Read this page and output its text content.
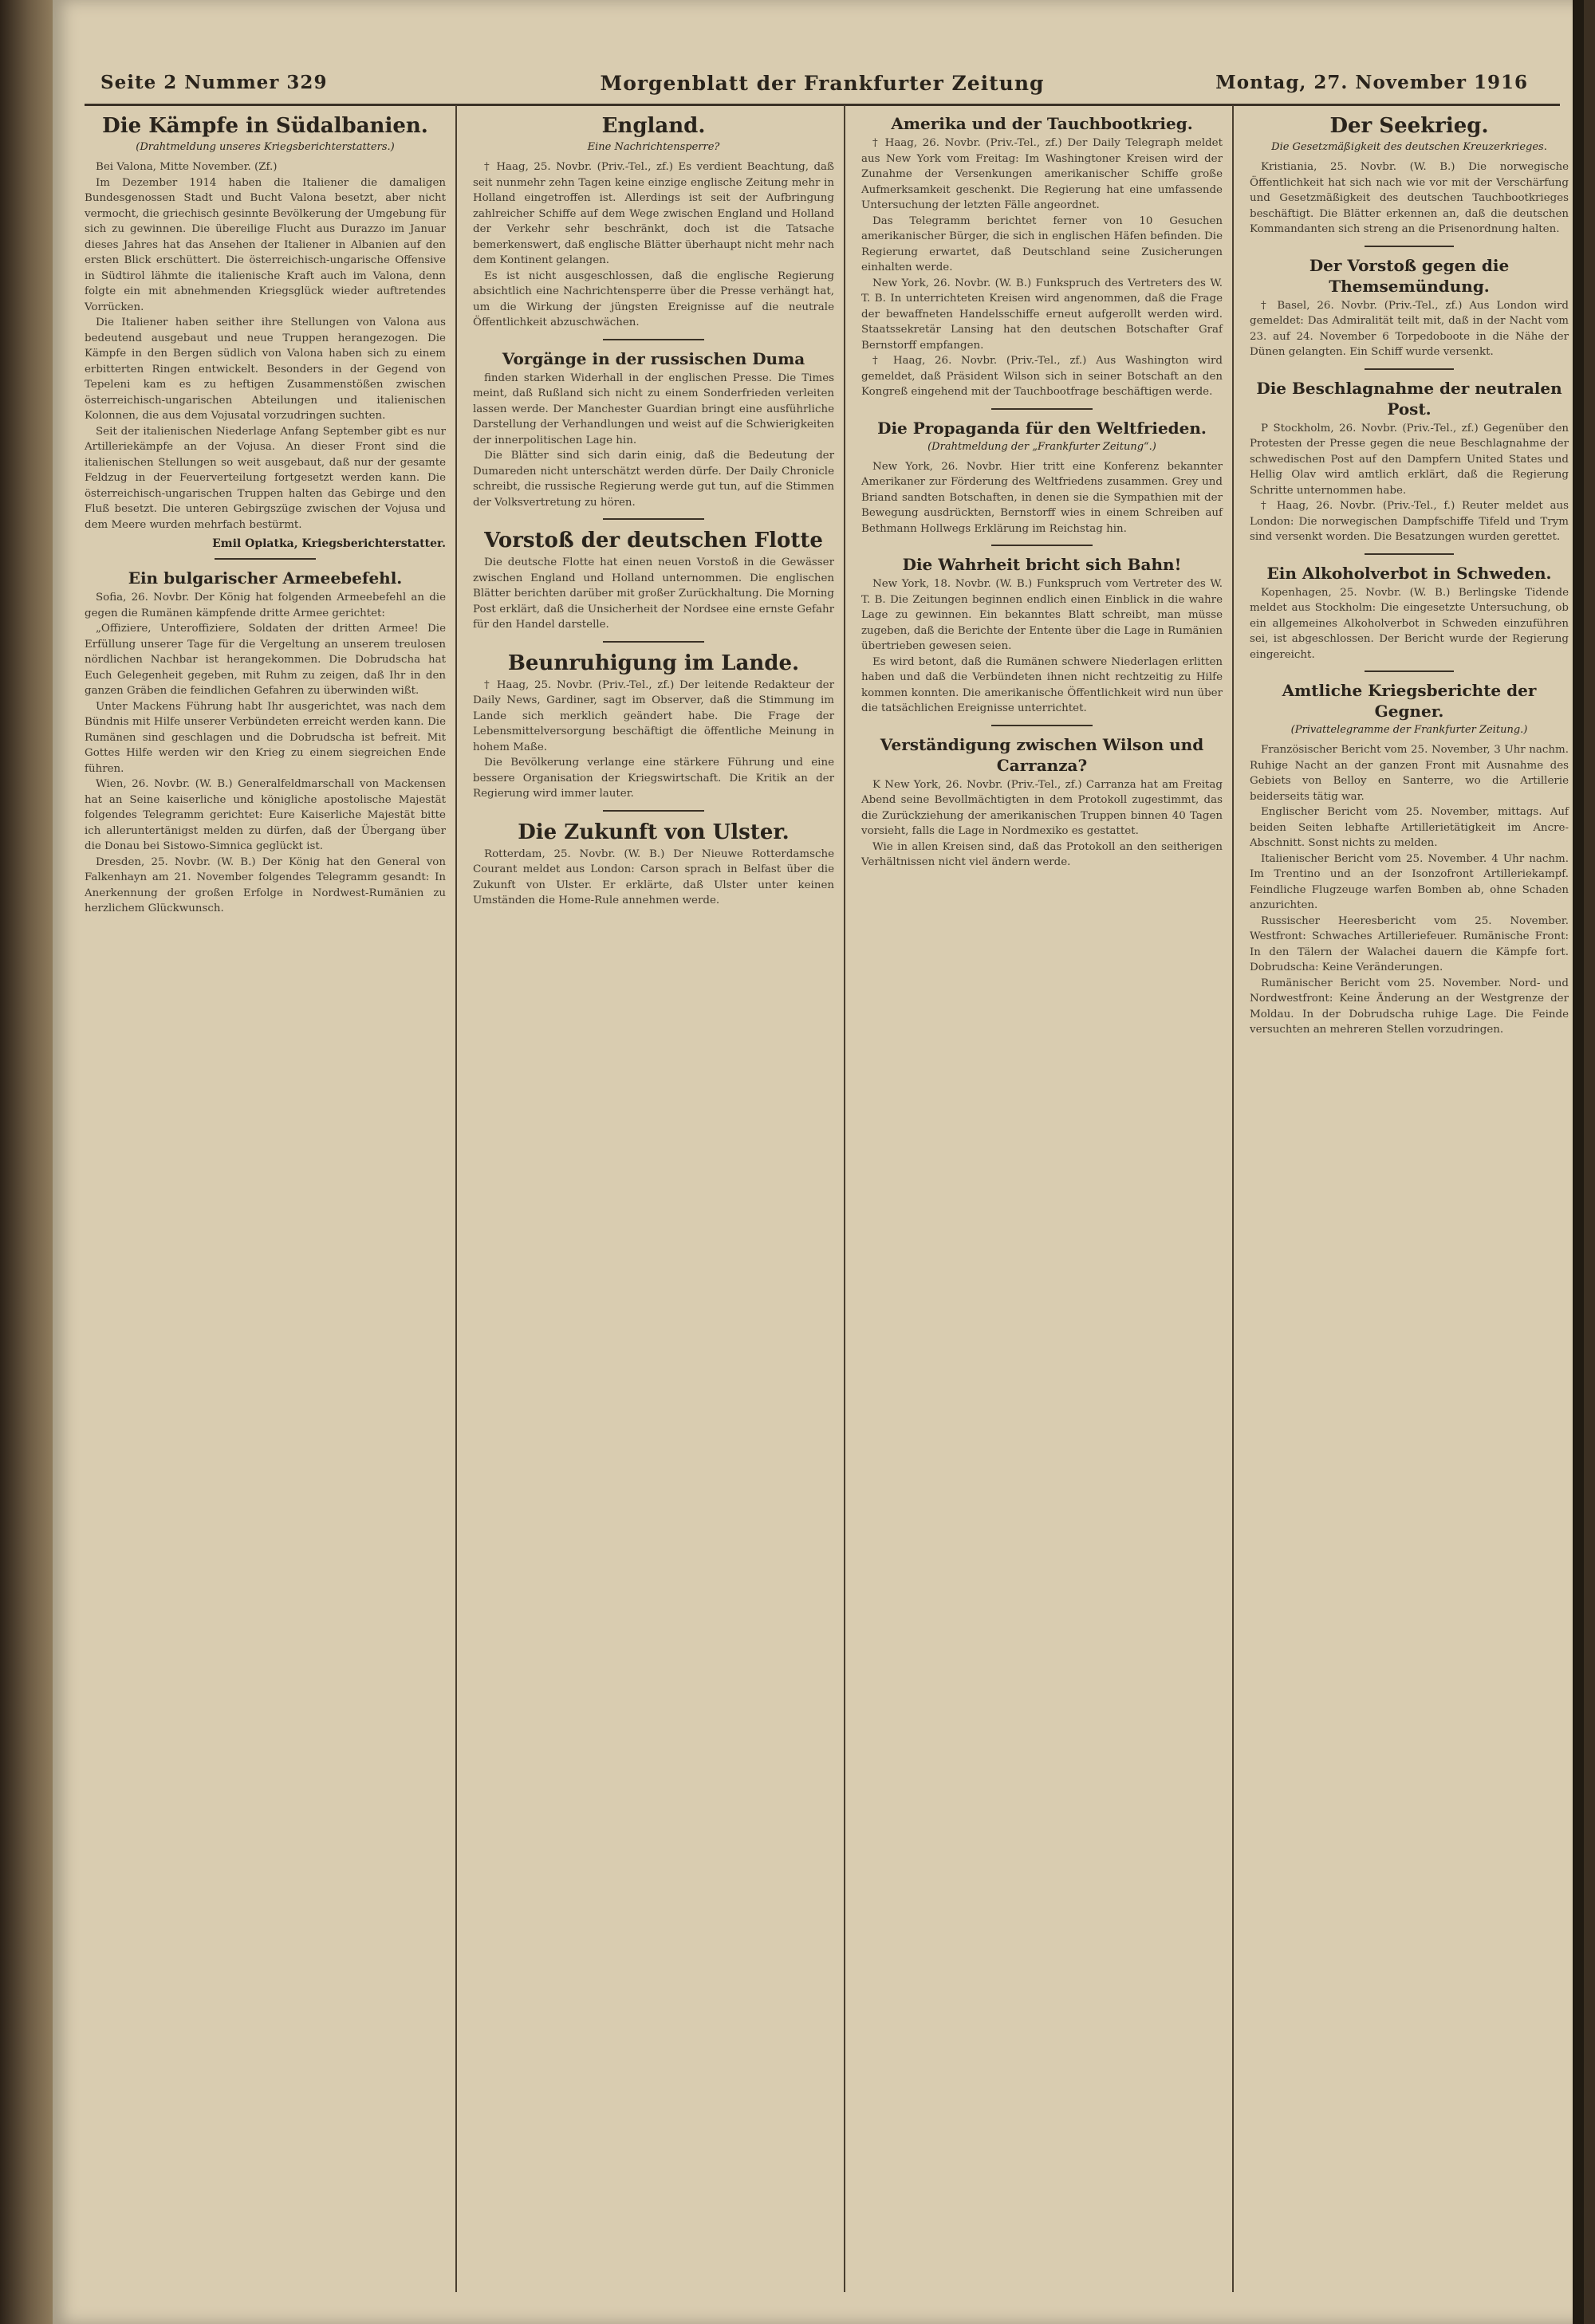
Seite 2 Nummer 329	Morgenblatt der Frankfurter Zeitung	Montag, 27. November 1916
Die Kämpfe in Südalbanien.
(Drahtmeldung unseres Kriegsberichterstatters.)

Bei Valona, Mitte November. (Zf.)

Im Dezember 1914 haben die Italiener die damaligen Bundesgenossen Stadt und Bucht Valona besetzt, aber nicht vermocht, die griechisch gesinnte Bevölkerung der Umgebung für sich zu gewinnen. Die übereilige Flucht aus Durazzo im Januar dieses Jahres hat das Ansehen der Italiener in Albanien auf den ersten Blick erschüttert. Die österreichisch-ungarische Offensive in Südtirol lähmte die italienische Kraft auch im Valona, denn folgte ein mit abnehmenden Kriegsglück wieder auftretendes Vorrücken.

Die Italiener haben seither ihre Stellungen von Valona aus bedeutend ausgebaut und neue Truppen herangezogen. Die Kämpfe in den Bergen südlich von Valona haben sich zu einem erbitterten Ringen entwickelt. Besonders in der Gegend von Tepeleni kam es zu heftigen Zusammenstößen zwischen österreichisch-ungarischen Abteilungen und italienischen Kolonnen, die aus dem Vojusatal vorzudringen suchten.

Seit der italienischen Niederlage Anfang September gibt es nur Artilleriekämpfe an der Vojusa. An dieser Front sind die italienischen Stellungen so weit ausgebaut, daß nur der gesamte Feldzug in der Feuerverteilung fortgesetzt werden kann. Die österreichisch-ungarischen Truppen halten das Gebirge und den Fluß besetzt. Die unteren Gebirgszüge zwischen der Vojusa und dem Meere wurden mehrfach bestürmt.

Emil Oplatka, Kriegsberichterstatter.
Ein bulgarischer Armeebefehl.

Sofia, 26. Novbr. Der König hat folgenden Armeebefehl an die gegen die Rumänen kämpfende dritte Armee gerichtet:

„Offiziere, Unteroffiziere, Soldaten der dritten Armee! Die Erfüllung unserer Tage für die Vergeltung an unserem treulosen nördlichen Nachbar ist herangekommen. Die Dobrudscha hat Euch Gelegenheit gegeben, mit Ruhm zu zeigen, daß Ihr in den ganzen Gräben die feindlichen Gefahren zu überwinden wißt.

Unter Mackens Führung habt Ihr ausgerichtet, was nach dem Bündnis mit Hilfe unserer Verbündeten erreicht werden kann. Die Rumänen sind geschlagen und die Dobrudscha ist befreit. Mit Gottes Hilfe werden wir den Krieg zu einem siegreichen Ende führen.

Wien, 26. Novbr. (W. B.) Generalfeldmarschall von Mackensen hat an Seine kaiserliche und königliche apostolische Majestät folgendes Telegramm gerichtet: Eure Kaiserliche Majestät bitte ich alleruntertänigst melden zu dürfen, daß der Übergang über die Donau bei Sistowo-Simnica geglückt ist.

Dresden, 25. Novbr. (W. B.) Der König hat den General von Falkenhayn am 21. November folgendes Telegramm gesandt: In Anerkennung der großen Erfolge in Nordwest-Rumänien zu herzlichem Glückwunsch.

England.
Eine Nachrichtensperre?

† Haag, 25. Novbr. (Priv.-Tel., zf.) Es verdient Beachtung, daß seit nunmehr zehn Tagen keine einzige englische Zeitung mehr in Holland eingetroffen ist. Allerdings ist seit der Aufbringung zahlreicher Schiffe auf dem Wege zwischen England und Holland der Verkehr sehr beschränkt, doch ist die Tatsache bemerkenswert, daß englische Blätter überhaupt nicht mehr nach dem Kontinent gelangen.

Es ist nicht ausgeschlossen, daß die englische Regierung absichtlich eine Nachrichtensperre über die Presse verhängt hat, um die Wirkung der jüngsten Ereignisse auf die neutrale Öffentlichkeit abzuschwächen.

Vorgänge in der russischen Duma

finden starken Widerhall in der englischen Presse. Die Times meint, daß Rußland sich nicht zu einem Sonderfrieden verleiten lassen werde. Der Manchester Guardian bringt eine ausführliche Darstellung der Verhandlungen und weist auf die Schwierigkeiten der innerpolitischen Lage hin.

Die Blätter sind sich darin einig, daß die Bedeutung der Dumareden nicht unterschätzt werden dürfe. Der Daily Chronicle schreibt, die russische Regierung werde gut tun, auf die Stimmen der Volksvertretung zu hören.

Vorstoß der deutschen Flotte

Die deutsche Flotte hat einen neuen Vorstoß in die Gewässer zwischen England und Holland unternommen. Die englischen Blätter berichten darüber mit großer Zurückhaltung. Die Morning Post erklärt, daß die Unsicherheit der Nordsee eine ernste Gefahr für den Handel darstelle.

Beunruhigung im Lande.

† Haag, 25. Novbr. (Priv.-Tel., zf.) Der leitende Redakteur der Daily News, Gardiner, sagt im Observer, daß die Stimmung im Lande sich merklich geändert habe. Die Frage der Lebensmittelversorgung beschäftigt die öffentliche Meinung in hohem Maße.

Die Bevölkerung verlange eine stärkere Führung und eine bessere Organisation der Kriegswirtschaft. Die Kritik an der Regierung wird immer lauter.

Die Zukunft von Ulster.

Rotterdam, 25. Novbr. (W. B.) Der Nieuwe Rotterdamsche Courant meldet aus London: Carson sprach in Belfast über die Zukunft von Ulster. Er erklärte, daß Ulster unter keinen Umständen die Home-Rule annehmen werde.

Amerika und der Tauchbootkrieg.

† Haag, 26. Novbr. (Priv.-Tel., zf.) Der Daily Telegraph meldet aus New York vom Freitag: Im Washingtoner Kreisen wird der Zunahme der Versenkungen amerikanischer Schiffe große Aufmerksamkeit geschenkt. Die Regierung hat eine umfassende Untersuchung der letzten Fälle angeordnet.

Das Telegramm berichtet ferner von 10 Gesuchen amerikanischer Bürger, die sich in englischen Häfen befinden. Die Regierung erwartet, daß Deutschland seine Zusicherungen einhalten werde.

New York, 26. Novbr. (W. B.) Funkspruch des Vertreters des W. T. B. In unterrichteten Kreisen wird angenommen, daß die Frage der bewaffneten Handelsschiffe erneut aufgerollt werden wird. Staatssekretär Lansing hat den deutschen Botschafter Graf Bernstorff empfangen.

† Haag, 26. Novbr. (Priv.-Tel., zf.) Aus Washington wird gemeldet, daß Präsident Wilson sich in seiner Botschaft an den Kongreß eingehend mit der Tauchbootfrage beschäftigen werde.

Die Propaganda für den Weltfrieden.
(Drahtmeldung der „Frankfurter Zeitung“.)

New York, 26. Novbr. Hier tritt eine Konferenz bekannter Amerikaner zur Förderung des Weltfriedens zusammen. Grey und Briand sandten Botschaften, in denen sie die Sympathien mit der Bewegung ausdrückten, Bernstorff wies in einem Schreiben auf Bethmann Hollwegs Erklärung im Reichstag hin.

Die Wahrheit bricht sich Bahn!

New York, 18. Novbr. (W. B.) Funkspruch vom Vertreter des W. T. B. Die Zeitungen beginnen endlich einen Einblick in die wahre Lage zu gewinnen. Ein bekanntes Blatt schreibt, man müsse zugeben, daß die Berichte der Entente über die Lage in Rumänien übertrieben gewesen seien.

Es wird betont, daß die Rumänen schwere Niederlagen erlitten haben und daß die Verbündeten ihnen nicht rechtzeitig zu Hilfe kommen konnten. Die amerikanische Öffentlichkeit wird nun über die tatsächlichen Ereignisse unterrichtet.

Verständigung zwischen Wilson und Carranza?

K New York, 26. Novbr. (Priv.-Tel., zf.) Carranza hat am Freitag Abend seine Bevollmächtigten in dem Protokoll zugestimmt, das die Zurückziehung der amerikanischen Truppen binnen 40 Tagen vorsieht, falls die Lage in Nordmexiko es gestattet.

Wie in allen Kreisen sind, daß das Protokoll an den seitherigen Verhältnissen nicht viel ändern werde.

Der Seekrieg.
Die Gesetzmäßigkeit des deutschen Kreuzerkrieges.

Kristiania, 25. Novbr. (W. B.) Die norwegische Öffentlichkeit hat sich nach wie vor mit der Verschärfung und Gesetzmäßigkeit des deutschen Tauchbootkrieges beschäftigt. Die Blätter erkennen an, daß die deutschen Kommandanten sich streng an die Prisenordnung halten.

Der Vorstoß gegen die Themsemündung.

† Basel, 26. Novbr. (Priv.-Tel., zf.) Aus London wird gemeldet: Das Admiralität teilt mit, daß in der Nacht vom 23. auf 24. November 6 Torpedoboote in die Nähe der Dünen gelangten. Ein Schiff wurde versenkt.

Die Beschlagnahme der neutralen Post.

P Stockholm, 26. Novbr. (Priv.-Tel., zf.) Gegenüber den Protesten der Presse gegen die neue Beschlagnahme der schwedischen Post auf den Dampfern United States und Hellig Olav wird amtlich erklärt, daß die Regierung Schritte unternommen habe.

† Haag, 26. Novbr. (Priv.-Tel., f.) Reuter meldet aus London: Die norwegischen Dampfschiffe Tifeld und Trym sind versenkt worden. Die Besatzungen wurden gerettet.

Ein Alkoholverbot in Schweden.

Kopenhagen, 25. Novbr. (W. B.) Berlingske Tidende meldet aus Stockholm: Die eingesetzte Untersuchung, ob ein allgemeines Alkoholverbot in Schweden einzuführen sei, ist abgeschlossen. Der Bericht wurde der Regierung eingereicht.

Amtliche Kriegsberichte der Gegner.
(Privattelegramme der Frankfurter Zeitung.)

Französischer Bericht vom 25. November, 3 Uhr nachm. Ruhige Nacht an der ganzen Front mit Ausnahme des Gebiets von Belloy en Santerre, wo die Artillerie beiderseits tätig war.

Englischer Bericht vom 25. November, mittags. Auf beiden Seiten lebhafte Artillerietätigkeit im Ancre-Abschnitt. Sonst nichts zu melden.

Italienischer Bericht vom 25. November. 4 Uhr nachm. Im Trentino und an der Isonzofront Artilleriekampf. Feindliche Flugzeuge warfen Bomben ab, ohne Schaden anzurichten.

Russischer Heeresbericht vom 25. November. Westfront: Schwaches Artilleriefeuer. Rumänische Front: In den Tälern der Walachei dauern die Kämpfe fort. Dobrudscha: Keine Veränderungen.

Rumänischer Bericht vom 25. November. Nord- und Nordwestfront: Keine Änderung an der Westgrenze der Moldau. In der Dobrudscha ruhige Lage. Die Feinde versuchten an mehreren Stellen vorzudringen.
